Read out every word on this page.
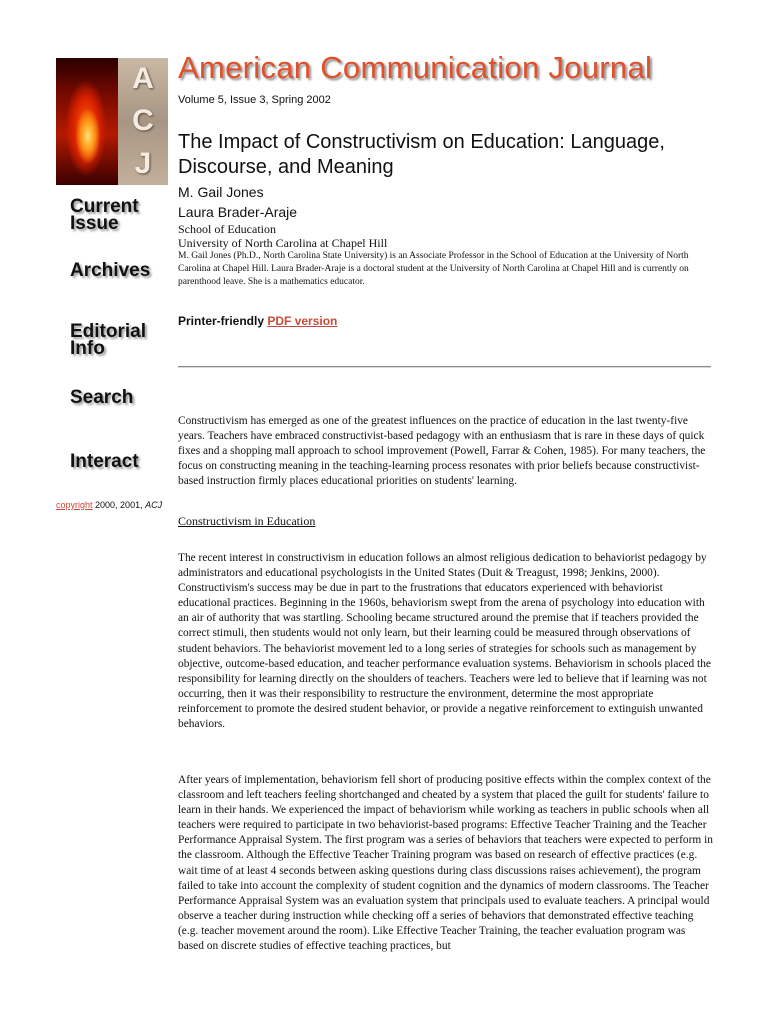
A
C
J
Current
Issue
Archives
Editorial
Info
Search
Interact
copyright 2000, 2001, ACJ
American Communication Journal
Volume 5, Issue 3, Spring 2002
The Impact of Constructivism on Education: Language, Discourse, and Meaning
M. Gail Jones
Laura Brader-Araje
School of Education
University of North Carolina at Chapel Hill
M. Gail Jones (Ph.D., North Carolina State University) is an Associate Professor in the School of Education at the University of North Carolina at Chapel Hill. Laura Brader-Araje is a doctoral student at the University of North Carolina at Chapel Hill and is currently on parenthood leave. She is a mathematics educator.
Printer-friendly PDF version

Constructivism has emerged as one of the greatest influences on the practice of education in the last twenty-five years. Teachers have embraced constructivist-based pedagogy with an enthusiasm that is rare in these days of quick fixes and a shopping mall approach to school improvement (Powell, Farrar & Cohen, 1985). For many teachers, the focus on constructing meaning in the teaching-learning process resonates with prior beliefs because constructivist-based instruction firmly places educational priorities on students' learning.

Constructivism in Education

The recent interest in constructivism in education follows an almost religious dedication to behaviorist pedagogy by administrators and educational psychologists in the United States (Duit & Treagust, 1998; Jenkins, 2000). Constructivism's success may be due in part to the frustrations that educators experienced with behaviorist educational practices. Beginning in the 1960s, behaviorism swept from the arena of psychology into education with an air of authority that was startling. Schooling became structured around the premise that if teachers provided the correct stimuli, then students would not only learn, but their learning could be measured through observations of student behaviors. The behaviorist movement led to a long series of strategies for schools such as management by objective, outcome-based education, and teacher performance evaluation systems. Behaviorism in schools placed the responsibility for learning directly on the shoulders of teachers. Teachers were led to believe that if learning was not occurring, then it was their responsibility to restructure the environment, determine the most appropriate reinforcement to promote the desired student behavior, or provide a negative reinforcement to extinguish unwanted behaviors.

After years of implementation, behaviorism fell short of producing positive effects within the complex context of the classroom and left teachers feeling shortchanged and cheated by a system that placed the guilt for students' failure to learn in their hands. We experienced the impact of behaviorism while working as teachers in public schools when all teachers were required to participate in two behaviorist-based programs: Effective Teacher Training and the Teacher Performance Appraisal System. The first program was a series of behaviors that teachers were expected to perform in the classroom. Although the Effective Teacher Training program was based on research of effective practices (e.g. wait time of at least 4 seconds between asking questions during class discussions raises achievement), the program failed to take into account the complexity of student cognition and the dynamics of modern classrooms. The Teacher Performance Appraisal System was an evaluation system that principals used to evaluate teachers. A principal would observe a teacher during instruction while checking off a series of behaviors that demonstrated effective teaching (e.g. teacher movement around the room). Like Effective Teacher Training, the teacher evaluation program was based on discrete studies of effective teaching practices, but
